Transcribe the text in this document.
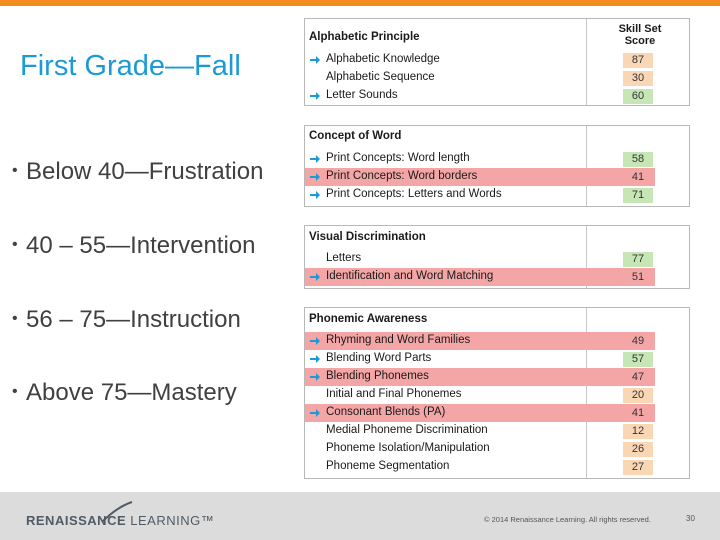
First Grade—Fall
• Below 40—Frustration
• 40 – 55—Intervention
• 56 – 75—Instruction
• Above 75—Mastery
Alphabetic Principle
Skill Set Score
Alphabetic Knowledge	87
Alphabetic Sequence	30
Letter Sounds	60
Concept of Word
Print Concepts: Word length	58
Print Concepts: Word borders	41
Print Concepts: Letters and Words	71
Visual Discrimination
Letters	77
Identification and Word Matching	51
Phonemic Awareness
Rhyming and Word Families	49
Blending Word Parts	57
Blending Phonemes	47
Initial and Final Phonemes	20
Consonant Blends (PA)	41
Medial Phoneme Discrimination	12
Phoneme Isolation/Manipulation	26
Phoneme Segmentation	27
RENAISSANCE LEARNING™	© 2014 Renaissance Learning. All rights reserved.	30
